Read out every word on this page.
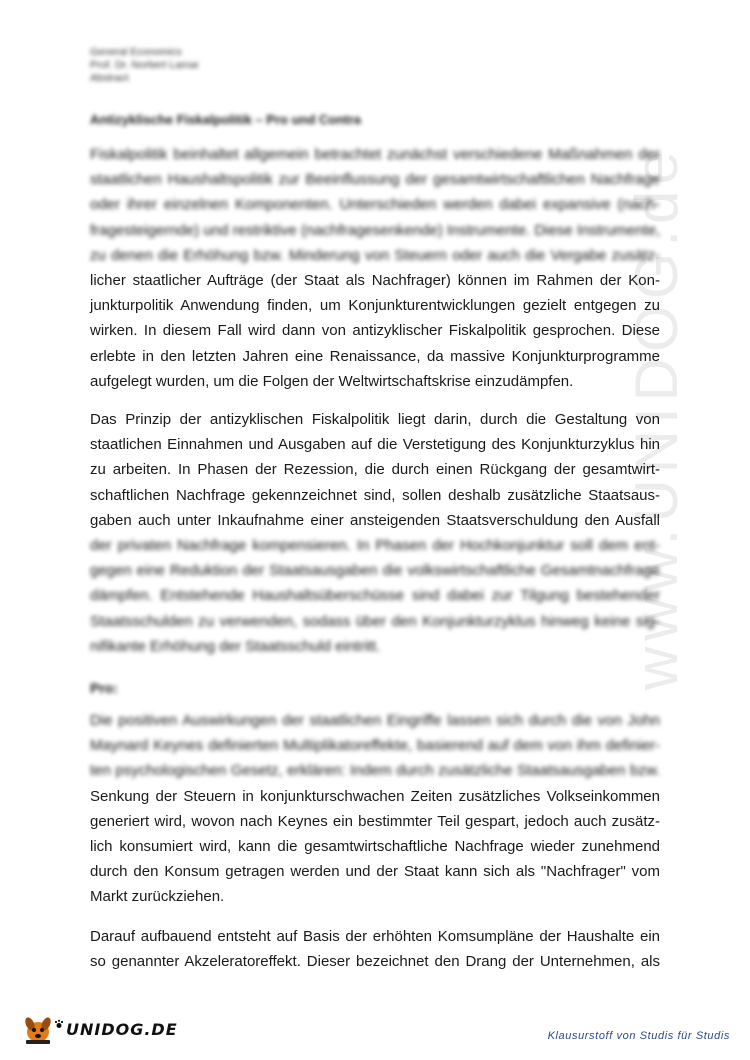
www.UNIDOG.de
General Economics
Prof. Dr. Norbert Lamar
Abstract
Antizyklische Fiskalpolitik – Pro und Contra
Fiskalpolitik beinhaltet allgemein betrachtet zunächst verschiedene Maßnahmen der
staatlichen Haushaltspolitik zur Beeinflussung der gesamtwirtschaftlichen Nachfrage
oder ihrer einzelnen Komponenten. Unterschieden werden dabei expansive (nach-
fragesteigernde) und restriktive (nachfragesenkende) Instrumente. Diese Instrumente,
zu denen die Erhöhung bzw. Minderung von Steuern oder auch die Vergabe zusätz-
licher staatlicher Aufträge (der Staat als Nachfrager) können im Rahmen der Kon-
junkturpolitik Anwendung finden, um Konjunkturentwicklungen gezielt entgegen zu
wirken. In diesem Fall wird dann von antizyklischer Fiskalpolitik gesprochen. Diese
erlebte in den letzten Jahren eine Renaissance, da massive Konjunkturprogramme
aufgelegt wurden, um die Folgen der Weltwirtschaftskrise einzudämpfen.
Das Prinzip der antizyklischen Fiskalpolitik liegt darin, durch die Gestaltung von
staatlichen Einnahmen und Ausgaben auf die Verstetigung des Konjunkturzyklus hin
zu arbeiten. In Phasen der Rezession, die durch einen Rückgang der gesamtwirt-
schaftlichen Nachfrage gekennzeichnet sind, sollen deshalb zusätzliche Staatsaus-
gaben auch unter Inkaufnahme einer ansteigenden Staatsverschuldung den Ausfall
der privaten Nachfrage kompensieren. In Phasen der Hochkonjunktur soll dem ent-
gegen eine Reduktion der Staatsausgaben die volkswirtschaftliche Gesamtnachfrage
dämpfen. Entstehende Haushaltsüberschüsse sind dabei zur Tilgung bestehender
Staatsschulden zu verwenden, sodass über den Konjunkturzyklus hinweg keine sig-
nifikante Erhöhung der Staatsschuld eintritt.
Pro:
Die positiven Auswirkungen der staatlichen Eingriffe lassen sich durch die von John
Maynard Keynes definierten Multiplikatoreffekte, basierend auf dem von ihm definier-
ten psychologischen Gesetz, erklären: Indem durch zusätzliche Staatsausgaben bzw.
Senkung der Steuern in konjunkturschwachen Zeiten zusätzliches Volkseinkommen
generiert wird, wovon nach Keynes ein bestimmter Teil gespart, jedoch auch zusätz-
lich konsumiert wird, kann die gesamtwirtschaftliche Nachfrage wieder zunehmend
durch den Konsum getragen werden und der Staat kann sich als "Nachfrager" vom
Markt zurückziehen.
Darauf aufbauend entsteht auf Basis der erhöhten Komsumpläne der Haushalte ein
so genannter Akzeleratoreffekt. Dieser bezeichnet den Drang der Unternehmen, als
UNIDOG.DE	Klausurstoff von Studis für Studis
